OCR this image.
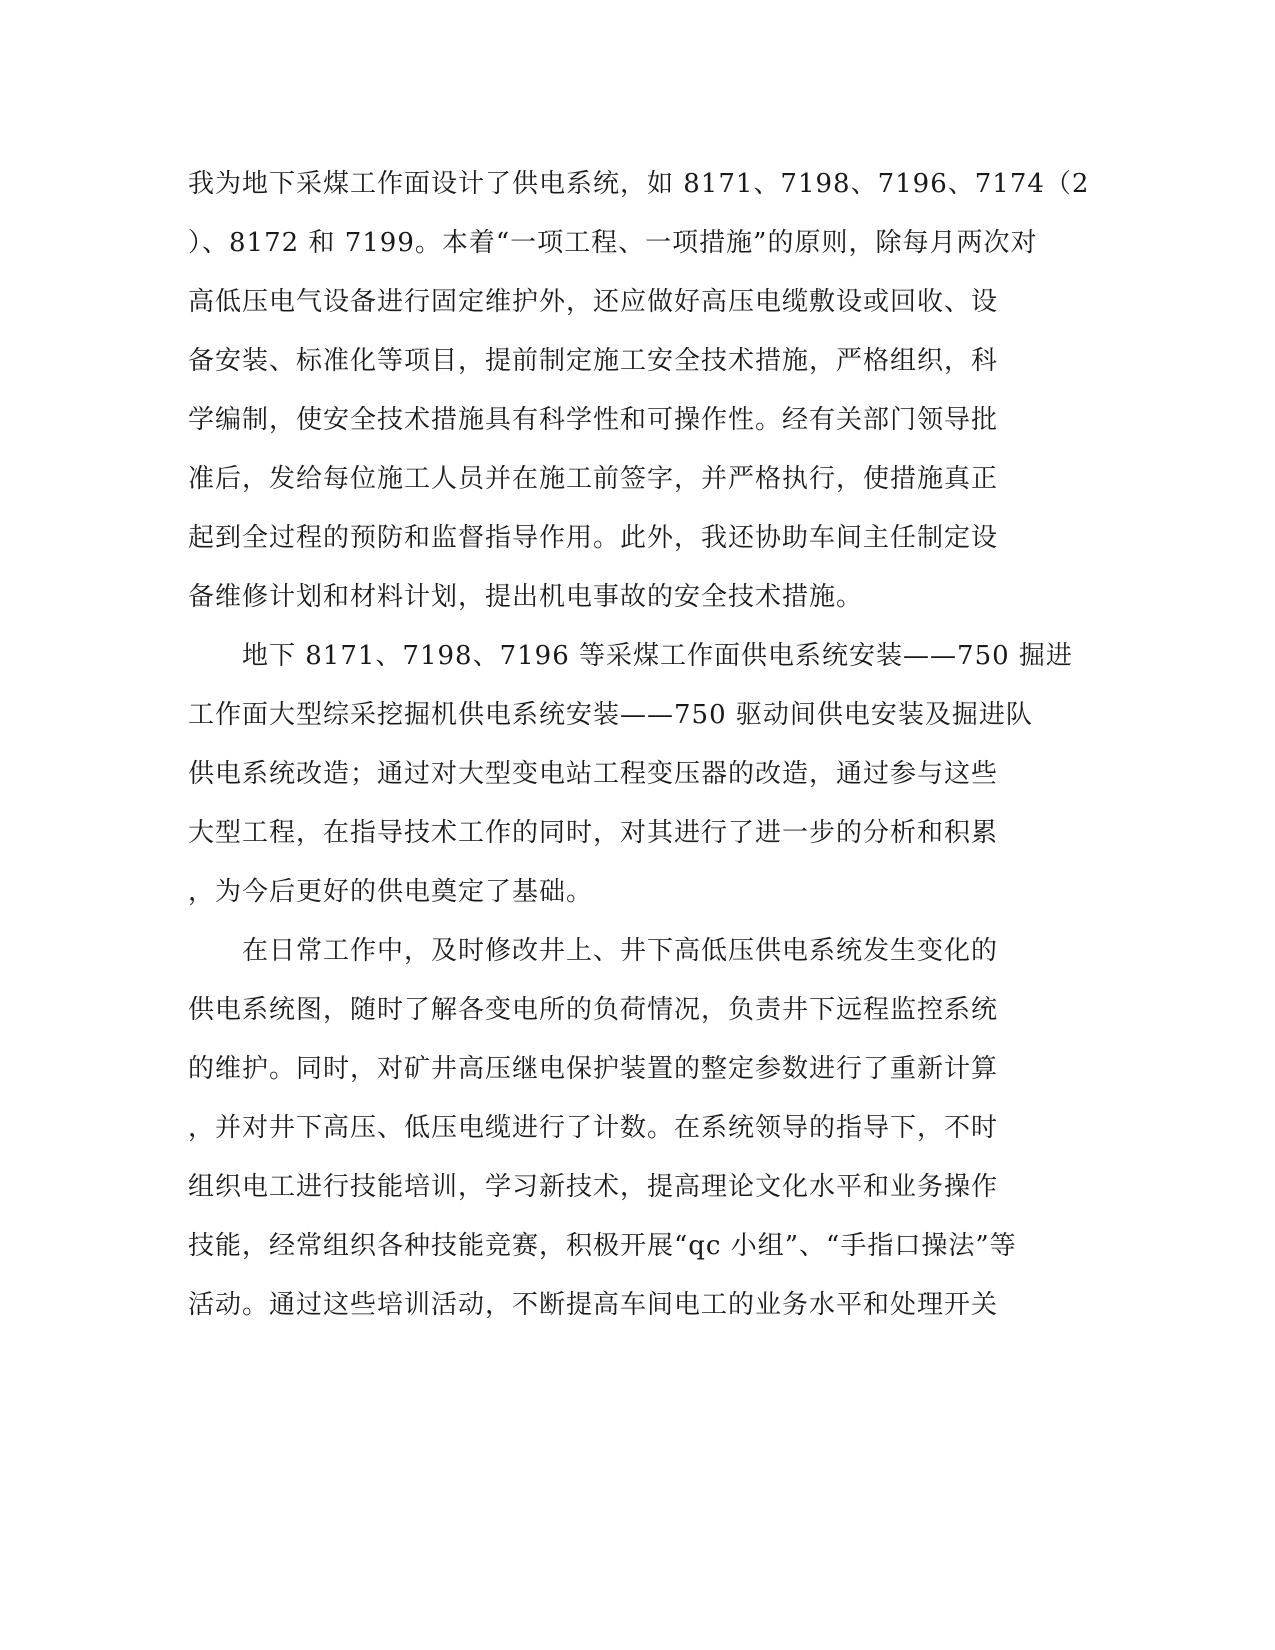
我为地下采煤工作面设计了供电系统，如 8171、7198、7196、7174（2
）、8172 和 7199。本着“一项工程、一项措施”的原则，除每月两次对
高低压电气设备进行固定维护外，还应做好高压电缆敷设或回收、设
备安装、标准化等项目，提前制定施工安全技术措施，严格组织，科
学编制，使安全技术措施具有科学性和可操作性。经有关部门领导批
准后，发给每位施工人员并在施工前签字，并严格执行，使措施真正
起到全过程的预防和监督指导作用。此外，我还协助车间主任制定设
备维修计划和材料计划，提出机电事故的安全技术措施。
　　地下 8171、7198、7196 等采煤工作面供电系统安装——750 掘进
工作面大型综采挖掘机供电系统安装——750 驱动间供电安装及掘进队
供电系统改造；通过对大型变电站工程变压器的改造，通过参与这些
大型工程，在指导技术工作的同时，对其进行了进一步的分析和积累
，为今后更好的供电奠定了基础。
　　在日常工作中，及时修改井上、井下高低压供电系统发生变化的
供电系统图，随时了解各变电所的负荷情况，负责井下远程监控系统
的维护。同时，对矿井高压继电保护装置的整定参数进行了重新计算
，并对井下高压、低压电缆进行了计数。在系统领导的指导下，不时
组织电工进行技能培训，学习新技术，提高理论文化水平和业务操作
技能，经常组织各种技能竞赛，积极开展“qc 小组”、“手指口操法”等
活动。通过这些培训活动，不断提高车间电工的业务水平和处理开关
